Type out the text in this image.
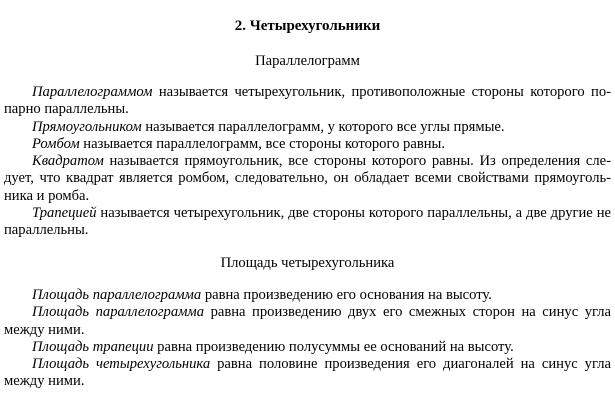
2. Четырехугольники
Параллелограмм

Параллелограммом называется четырехугольник, противоположные стороны которого по-парно параллельны.

Прямоугольником называется параллелограмм, у которого все углы прямые.

Ромбом называется параллелограмм, все стороны которого равны.

Квадратом называется прямоугольник, все стороны которого равны. Из определения сле-дует, что квадрат является ромбом, следовательно, он обладает всеми свойствами прямоуголь-ника и ромба.

Трапецией называется четырехугольник, две стороны которого параллельны, а две другие не параллельны.

Площадь четырехугольника

Площадь параллелограмма равна произведению его основания на высоту.

Площадь параллелограмма равна произведению двух его смежных сторон на синус угла между ними.

Площадь трапеции равна произведению полусуммы ее оснований на высоту.

Площадь четырехугольника равна половине произведения его диагоналей на синус угла между ними.
